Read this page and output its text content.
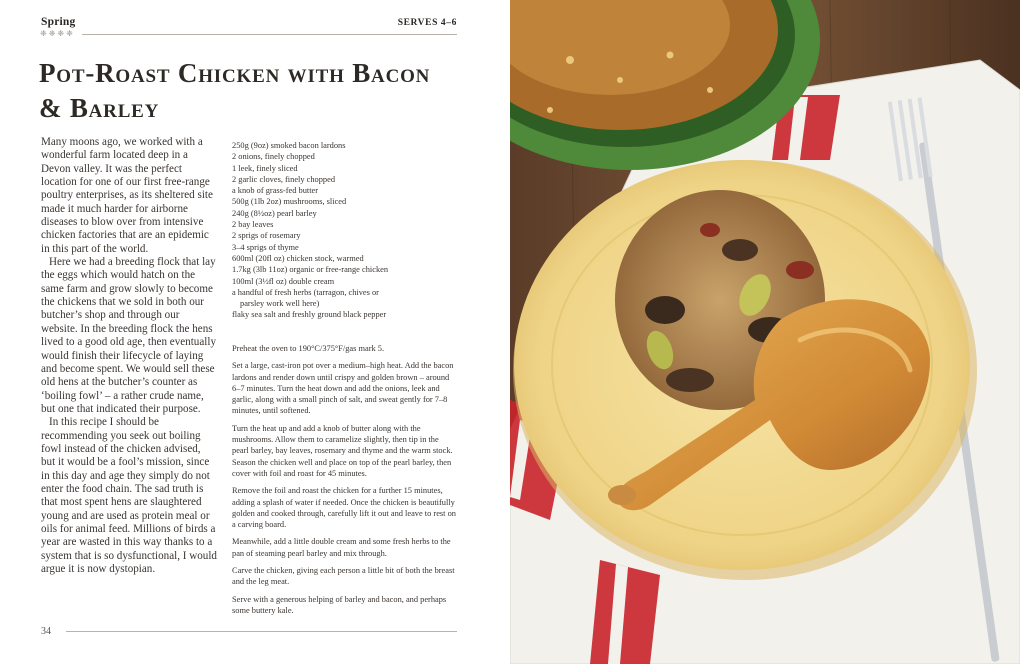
Spring
❈❈❈❈
SERVES 4–6
Pot-Roast Chicken with Bacon & Barley

Many moons ago, we worked with a wonderful farm located deep in a Devon valley. It was the perfect location for one of our first free-range poultry enterprises, as its sheltered site made it much harder for airborne diseases to blow over from intensive chicken factories that are an epidemic in this part of the world.

Here we had a breeding flock that lay the eggs which would hatch on the same farm and grow slowly to become the chickens that we sold in both our butcher’s shop and through our website. In the breeding flock the hens lived to a good old age, then eventually would finish their lifecycle of laying and become spent. We would sell these old hens at the butcher’s counter as ‘boiling fowl’ – a rather crude name, but one that indicated their purpose.

In this recipe I should be recommending you seek out boiling fowl instead of the chicken advised, but it would be a fool’s mission, since in this day and age they simply do not enter the food chain. The sad truth is that most spent hens are slaughtered young and are used as protein meal or oils for animal feed. Millions of birds a year are wasted in this way thanks to a system that is so dysfunctional, I would argue it is now dystopian.

250g (9oz) smoked bacon lardons
2 onions, finely chopped
1 leek, finely sliced
2 garlic cloves, finely chopped
a knob of grass-fed butter
500g (1lb 2oz) mushrooms, sliced
240g (8½oz) pearl barley
2 bay leaves
2 sprigs of rosemary
3–4 sprigs of thyme
600ml (20fl oz) chicken stock, warmed
1.7kg (3lb 11oz) organic or free-range chicken
100ml (3½fl oz) double cream
a handful of fresh herbs (tarragon, chives or
parsley work well here)
flaky sea salt and freshly ground black pepper

Preheat the oven to 190°C/375°F/gas mark 5.

Set a large, cast-iron pot over a medium–high heat. Add the bacon lardons and render down until crispy and golden brown – around 6–7 minutes. Turn the heat down and add the onions, leek and garlic, along with a small pinch of salt, and sweat gently for 7–8 minutes, until softened.

Turn the heat up and add a knob of butter along with the mushrooms. Allow them to caramelize slightly, then tip in the pearl barley, bay leaves, rosemary and thyme and the warm stock. Season the chicken well and place on top of the pearl barley, then cover with foil and roast for 45 minutes.

Remove the foil and roast the chicken for a further 15 minutes, adding a splash of water if needed. Once the chicken is beautifully golden and cooked through, carefully lift it out and leave to rest on a carving board.

Meanwhile, add a little double cream and some fresh herbs to the pan of steaming pearl barley and mix through.

Carve the chicken, giving each person a little bit of both the breast and the leg meat.

Serve with a generous helping of barley and bacon, and perhaps some buttery kale.

34
